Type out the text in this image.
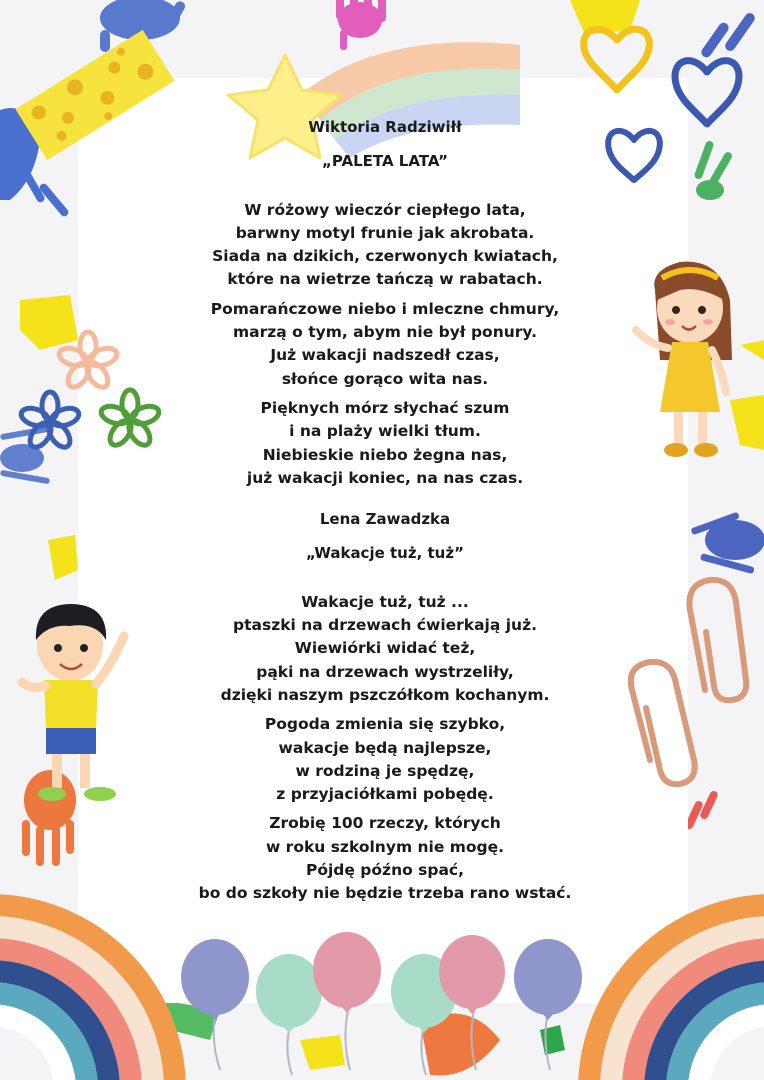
Wiktoria Radziwiłł
„PALETA LATA”
W różowy wieczór ciepłego lata,
barwny motyl frunie jak akrobata.
Siada na dzikich, czerwonych kwiatach,
które na wietrze tańczą w rabatach.
Pomarańczowe niebo i mleczne chmury,
marzą o tym, abym nie był ponury.
Już wakacji nadszedł czas,
słońce gorąco wita nas.
Pięknych mórz słychać szum
i na plaży wielki tłum.
Niebieskie niebo żegna nas,
już wakacji koniec, na nas czas.
Lena Zawadzka
„Wakacje tuż, tuż”
Wakacje tuż, tuż ...
ptaszki na drzewach ćwierkają już.
Wiewiórki widać też,
pąki na drzewach wystrzeliły,
dzięki naszym pszczółkom kochanym.
Pogoda zmienia się szybko,
wakacje będą najlepsze,
w rodziną je spędzę,
z przyjaciółkami pobędę.
Zrobię 100 rzeczy, których
w roku szkolnym nie mogę.
Pójdę późno spać,
bo do szkoły nie będzie trzeba rano wstać.
